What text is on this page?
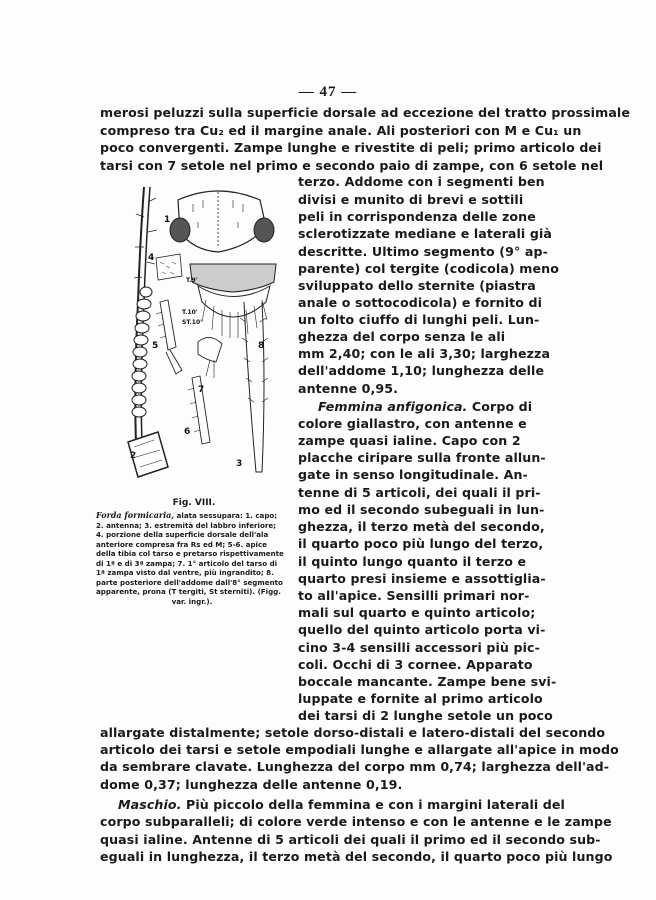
— 47 —
merosi peluzzi sulla superficie dorsale ad eccezione del tratto prossimale
compreso tra Cu₂ ed il margine anale. Ali posteriori con M e Cu₁ un
poco convergenti. Zampe lunghe e rivestite di peli; primo articolo dei
tarsi con 7 setole nel primo e secondo paio di zampe, con 6 setole nel
terzo. Addome con i segmenti ben
divisi e munito di brevi e sottili
peli in corrispondenza delle zone
sclerotizzate mediane e laterali già
descritte. Ultimo segmento (9° ap-
parente) col tergite (codicola) meno
sviluppato dello sternite (piastra
anale o sottocodicola) e fornito di
un folto ciuffo di lunghi peli. Lun-
ghezza del corpo senza le ali
mm 2,40; con le ali 3,30; larghezza
dell'addome 1,10; lunghezza delle
antenne 0,95.
Femmina anfigonica. Corpo di
colore giallastro, con antenne e
zampe quasi ialine. Capo con 2
placche ciripare sulla fronte allun-
gate in senso longitudinale. An-
tenne di 5 articoli, dei quali il pri-
mo ed il secondo subeguali in lun-
ghezza, il terzo metà del secondo,
il quarto poco più lungo del terzo,
il quinto lungo quanto il terzo e
quarto presi insieme e assottiglia-
to all'apice. Sensilli primari nor-
mali sul quarto e quinto articolo;
quello del quinto articolo porta vi-
cino 3-4 sensilli accessori più pic-
coli. Occhi di 3 cornee. Apparato
boccale mancante. Zampe bene svi-
luppate e fornite al primo articolo
dei tarsi di 2 lunghe setole un poco
allargate distalmente; setole dorso-distali e latero-distali del secondo
articolo dei tarsi e setole empodiali lunghe e allargate all'apice in modo
da sembrare clavate. Lunghezza del corpo mm 0,74; larghezza dell'ad-
dome 0,37; lunghezza delle antenne 0,19.
Maschio. Più piccolo della femmina e con i margini laterali del
corpo subparalleli; di colore verde intenso e con le antenne e le zampe
quasi ialine. Antenne di 5 articoli dei quali il primo ed il secondo sub-
eguali in lunghezza, il terzo metà del secondo, il quarto poco più lungo
1
2
3
4
5
6
7
8
T.9'
T.10'
ST.10'
Fig. VIII.
Forda formicaria, alata sessupara: 1. capo;
2. antenna; 3. estremità del labbro inferiore;
4. porzione della superficie dorsale dell'ala
anteriore compresa fra Rs ed M; 5-6. apice
della tibia col tarso e pretarso rispettivamente
di 1ª e di 3ª zampa; 7. 1° articolo del tarso di
1ª zampa visto dal ventre, più ingrandito; 8.
parte posteriore dell'addome dall'8° segmento
apparente, prona (T tergiti, St sterniti). (Figg.
var. ingr.).
